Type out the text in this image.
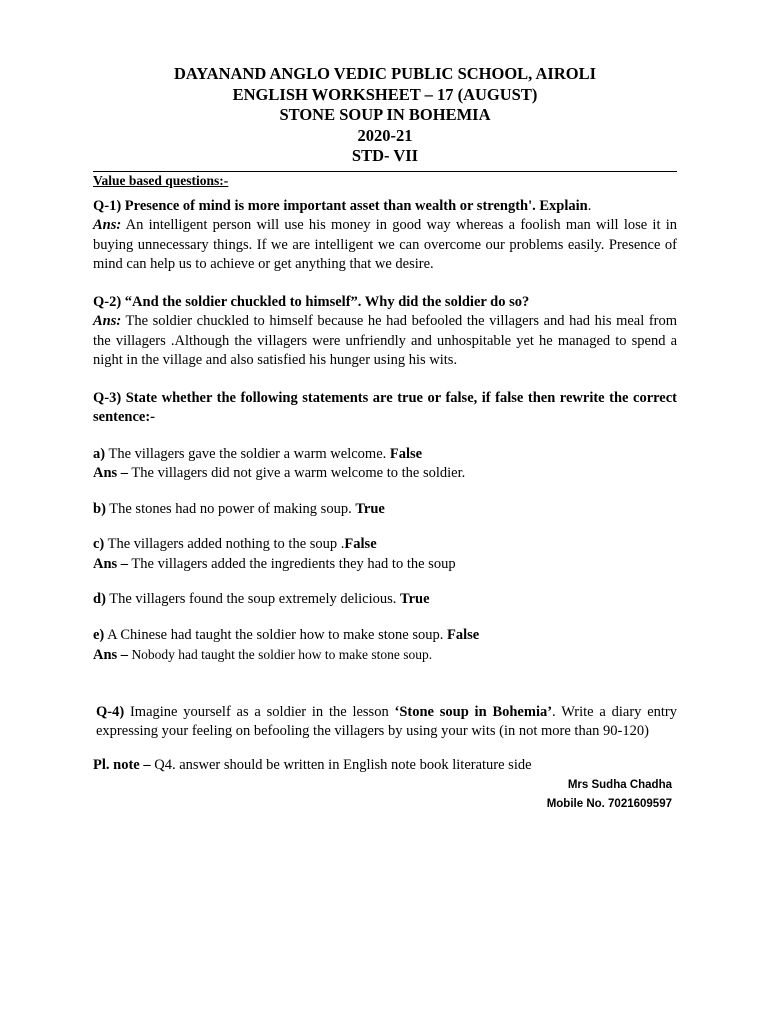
DAYANAND ANGLO VEDIC PUBLIC SCHOOL, AIROLI
ENGLISH WORKSHEET – 17 (AUGUST)
STONE SOUP IN BOHEMIA
2020-21
STD- VII
Value based questions:-
Q-1) Presence of mind is more important asset than wealth or strength'. Explain.
Ans: An intelligent person will use his money in good way whereas a foolish man will lose it in buying unnecessary things. If we are intelligent we can overcome our problems easily. Presence of mind can help us to achieve or get anything that we desire.
Q-2) “And the soldier chuckled to himself”. Why did the soldier do so?
Ans: The soldier chuckled to himself because he had befooled the villagers and had his meal from the villagers .Although the villagers were unfriendly and unhospitable yet he managed to spend a night in the village and also satisfied his hunger using his wits.
Q-3) State whether the following statements are true or false, if false then rewrite the correct sentence:-
a) The villagers gave the soldier a warm welcome. False
Ans – The villagers did not give a warm welcome to the soldier.
b) The stones had no power of making soup. True
c) The villagers added nothing to the soup .False
Ans – The villagers added the ingredients they had to the soup
d) The villagers found the soup extremely delicious. True
e) A Chinese had taught the soldier how to make stone soup. False
Ans – Nobody had taught the soldier how to make stone soup.
Q-4) Imagine yourself as a soldier in the lesson ‘Stone soup in Bohemia’. Write a diary entry expressing your feeling on befooling the villagers by using your wits (in not more than 90-120)
Pl. note – Q4. answer should be written in English note book literature side
Mrs Sudha Chadha
Mobile No. 7021609597
